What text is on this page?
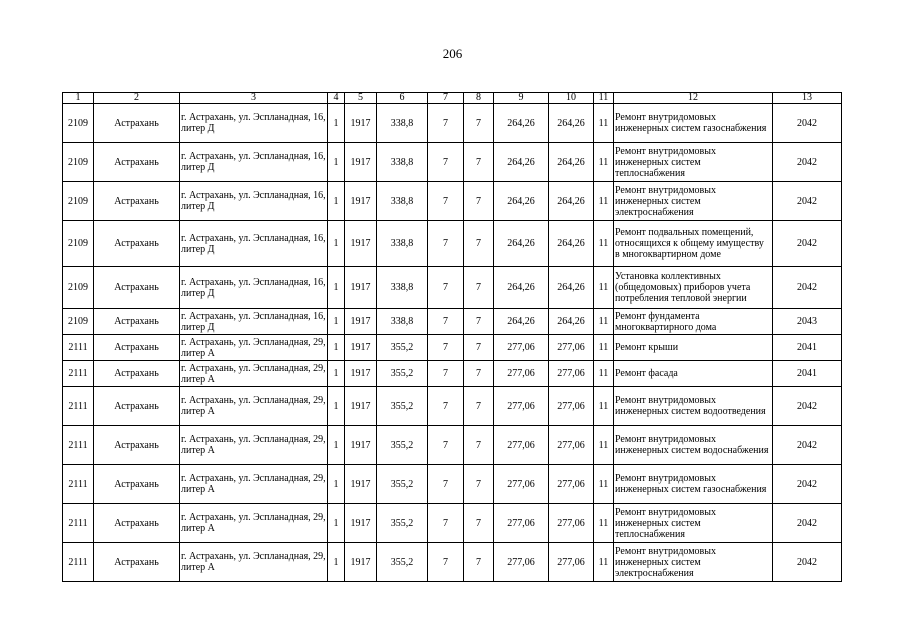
206
1	2	3	4	5	6	7	8	9	10	11	12	13
2109	Астрахань	г. Астрахань, ул. Эспланадная, 16, литер Д	1	1917	338,8	7	7	264,26	264,26	11	Ремонт внутридомовых инженерных систем газоснабжения	2042
2109	Астрахань	г. Астрахань, ул. Эспланадная, 16, литер Д	1	1917	338,8	7	7	264,26	264,26	11	Ремонт внутридомовых инженерных систем теплоснабжения	2042
2109	Астрахань	г. Астрахань, ул. Эспланадная, 16, литер Д	1	1917	338,8	7	7	264,26	264,26	11	Ремонт внутридомовых инженерных систем электроснабжения	2042
2109	Астрахань	г. Астрахань, ул. Эспланадная, 16, литер Д	1	1917	338,8	7	7	264,26	264,26	11	Ремонт подвальных помещений, относящихся к общему имуществу в многоквартирном доме	2042
2109	Астрахань	г. Астрахань, ул. Эспланадная, 16, литер Д	1	1917	338,8	7	7	264,26	264,26	11	Установка коллективных (общедомовых) приборов учета потребления тепловой энергии	2042
2109	Астрахань	г. Астрахань, ул. Эспланадная, 16, литер Д	1	1917	338,8	7	7	264,26	264,26	11	Ремонт фундамента многоквартирного дома	2043
2111	Астрахань	г. Астрахань, ул. Эспланадная, 29, литер А	1	1917	355,2	7	7	277,06	277,06	11	Ремонт крыши	2041
2111	Астрахань	г. Астрахань, ул. Эспланадная, 29, литер А	1	1917	355,2	7	7	277,06	277,06	11	Ремонт фасада	2041
2111	Астрахань	г. Астрахань, ул. Эспланадная, 29, литер А	1	1917	355,2	7	7	277,06	277,06	11	Ремонт внутридомовых инженерных систем водоотведения	2042
2111	Астрахань	г. Астрахань, ул. Эспланадная, 29, литер А	1	1917	355,2	7	7	277,06	277,06	11	Ремонт внутридомовых инженерных систем водоснабжения	2042
2111	Астрахань	г. Астрахань, ул. Эспланадная, 29, литер А	1	1917	355,2	7	7	277,06	277,06	11	Ремонт внутридомовых инженерных систем газоснабжения	2042
2111	Астрахань	г. Астрахань, ул. Эспланадная, 29, литер А	1	1917	355,2	7	7	277,06	277,06	11	Ремонт внутридомовых инженерных систем теплоснабжения	2042
2111	Астрахань	г. Астрахань, ул. Эспланадная, 29, литер А	1	1917	355,2	7	7	277,06	277,06	11	Ремонт внутридомовых инженерных систем электроснабжения	2042
